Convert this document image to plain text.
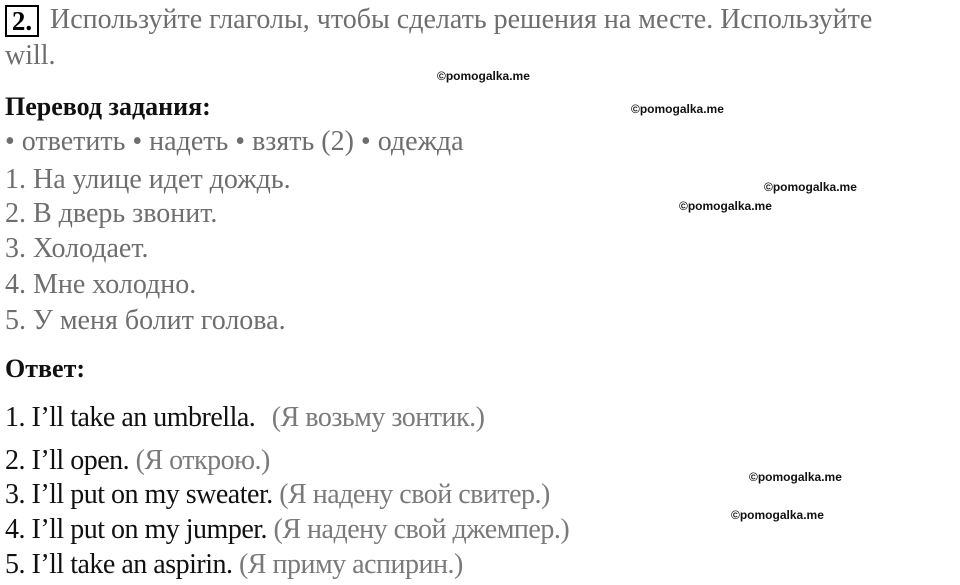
2. Используйте глаголы, чтобы сделать решения на месте. Используйте
will.
Перевод задания:
• ответить • надеть • взять (2) • одежда
1. На улице идет дождь.
2. В дверь звонит.
3. Холодает.
4. Мне холодно.
5. У меня болит голова.
Ответ:
1. I’ll take an umbrella. (Я возьму зонтик.)
2. I’ll open. (Я открою.)
3. I’ll put on my sweater. (Я надену свой свитер.)
4. I’ll put on my jumper. (Я надену свой джемпер.)
5. I’ll take an aspirin. (Я приму аспирин.)
©pomogalka.me
©pomogalka.me
©pomogalka.me
©pomogalka.me
©pomogalka.me
©pomogalka.me
